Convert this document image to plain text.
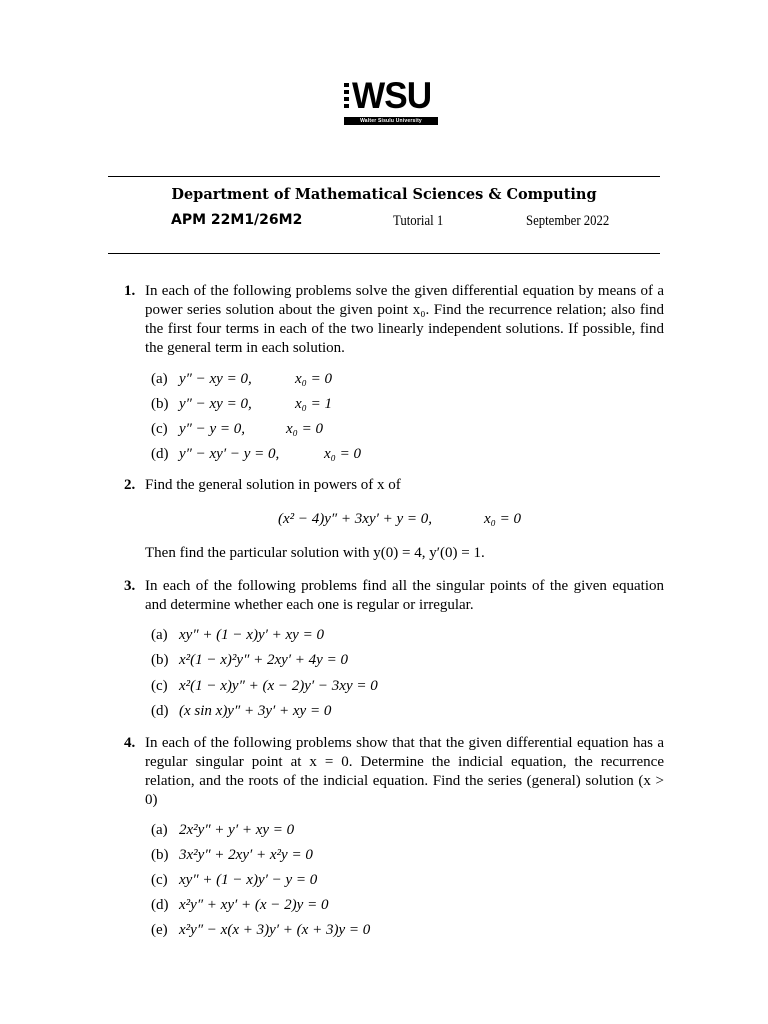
WSU
Walter Sisulu University
Department of Mathematical Sciences & Computing
APM 22M1/26M2	Tutorial 1	September 2022
1. In each of the following problems solve the given differential equation by means of a power series solution about the given point x₀. Find the recurrence relation; also find the first four terms in each of the two linearly independent solutions. If possible, find the general term in each solution.
(a) y″ − xy = 0,	x₀ = 0
(b) y″ − xy = 0,	x₀ = 1
(c) y″ − y = 0,	x₀ = 0
(d) y″ − xy′ − y = 0,	x₀ = 0
2. Find the general solution in powers of x of
(x² − 4)y″ + 3xy′ + y = 0,	x₀ = 0
Then find the particular solution with y(0) = 4, y′(0) = 1.
3. In each of the following problems find all the singular points of the given equation and determine whether each one is regular or irregular.
(a) xy″ + (1 − x)y′ + xy = 0
(b) x²(1 − x)²y″ + 2xy′ + 4y = 0
(c) x²(1 − x)y″ + (x − 2)y′ − 3xy = 0
(d) (x sin x)y″ + 3y′ + xy = 0
4. In each of the following problems show that that the given differential equation has a regular singular point at x = 0. Determine the indicial equation, the recurrence relation, and the roots of the indicial equation. Find the series (general) solution (x > 0)
(a) 2x²y″ + y′ + xy = 0
(b) 3x²y″ + 2xy′ + x²y = 0
(c) xy″ + (1 − x)y′ − y = 0
(d) x²y″ + xy′ + (x − 2)y = 0
(e) x²y″ − x(x + 3)y′ + (x + 3)y = 0
